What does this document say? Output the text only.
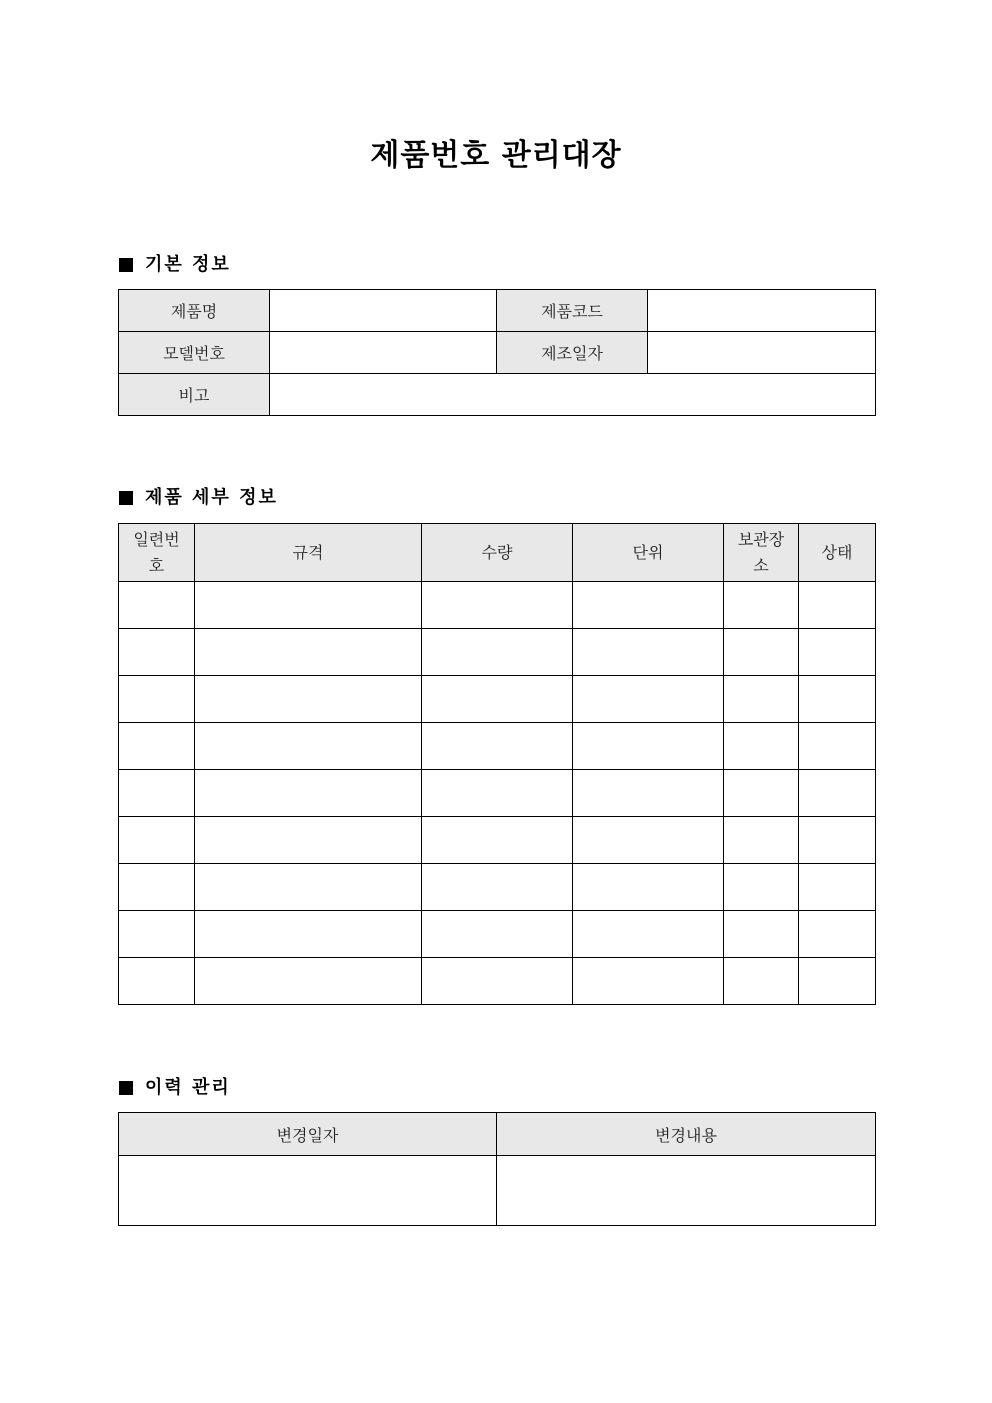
제품번호 관리대장
기본 정보
제품명		제품코드	
모델번호		제조일자	
비고			
제품 세부 정보
일련번호	규격	수량	단위	보관장소	상태

이력 관리
변경일자	변경내용
